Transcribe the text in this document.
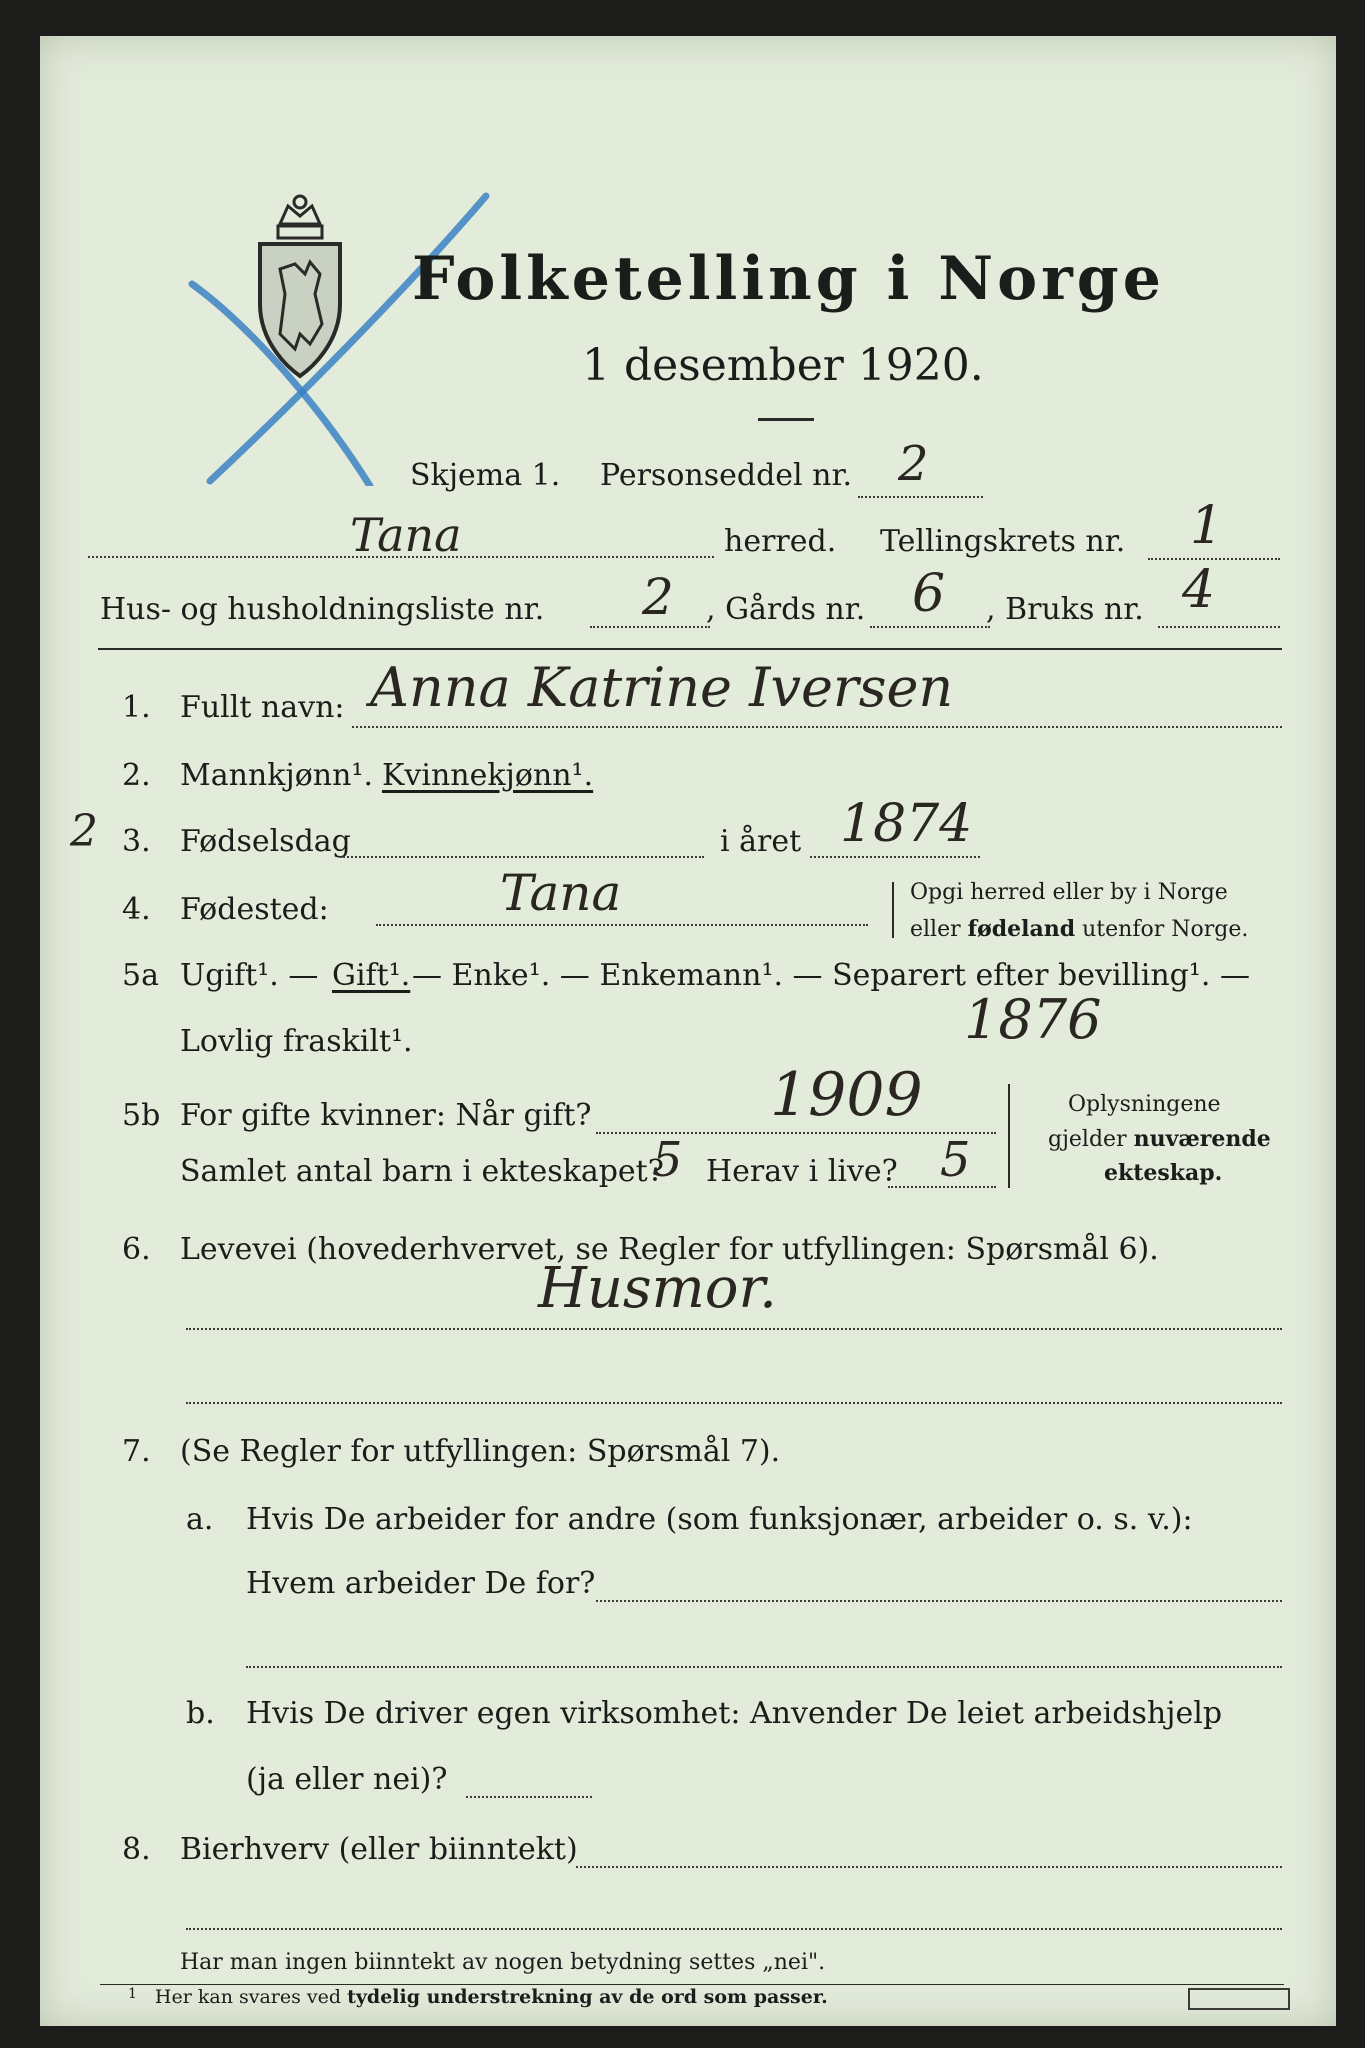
Folketelling i Norge
1 desember 1920.
Skjema 1. Personseddel nr. 2
Tana	herred. Tellingskrets nr. 1
Hus- og husholdningsliste nr. 2 , Gårds nr. 6 , Bruks nr. 4
1. Fullt navn: Anna Katrine Iversen
2. Mannkjønn¹. Kvinnekjønn¹.
2 3. Fødselsdag	i året 1874
4. Fødested:	Tana	Opgi herred eller by i Norge
eller fødeland utenfor Norge.
5a Ugift¹. — Gift¹. — Enke¹. — Enkemann¹. — Separert efter bevilling¹. —
Lovlig fraskilt¹.	1876
5b For gifte kvinner: Når gift?	1909
Samlet antal barn i ekteskapet?
5 Herav i live? 5
Oplysningene
gjelder nuværende
ekteskap.
6. Levevei (hovederhvervet, se Regler for utfyllingen: Spørsmål 6).
Husmor.
7. (Se Regler for utfyllingen: Spørsmål 7).
a. Hvis De arbeider for andre (som funksjonær, arbeider o. s. v.):
Hvem arbeider De for?
b. Hvis De driver egen virksomhet: Anvender De leiet arbeidshjelp
(ja eller nei)?
8. Bierhverv (eller biinntekt)
Har man ingen biinntekt av nogen betydning settes „nei".
$^1$ Her kan svares ved tydelig understrekning av de ord som passer.
